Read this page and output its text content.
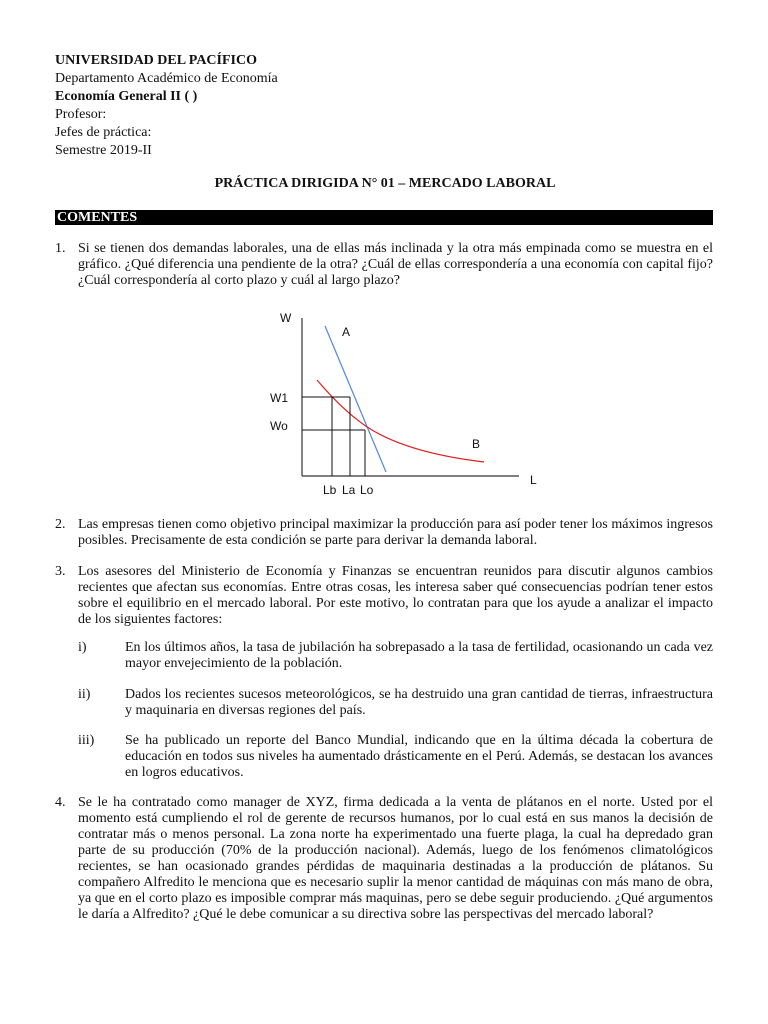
UNIVERSIDAD DEL PACÍFICO
Departamento Académico de Economía
Economía General II ( )
Profesor:
Jefes de práctica:
Semestre 2019-II
PRÁCTICA DIRIGIDA N° 01 – MERCADO LABORAL
COMENTES
1. Si se tienen dos demandas laborales, una de ellas más inclinada y la otra más empinada como se muestra en el gráfico. ¿Qué diferencia una pendiente de la otra? ¿Cuál de ellas correspondería a una economía con capital fijo? ¿Cuál correspondería al corto plazo y cuál al largo plazo?
W
L
A
B
W1
Wo
Lb La Lo
2. Las empresas tienen como objetivo principal maximizar la producción para así poder tener los máximos ingresos posibles. Precisamente de esta condición se parte para derivar la demanda laboral.
3. Los asesores del Ministerio de Economía y Finanzas se encuentran reunidos para discutir algunos cambios recientes que afectan sus economías. Entre otras cosas, les interesa saber qué consecuencias podrían tener estos sobre el equilibrio en el mercado laboral. Por este motivo, lo contratan para que los ayude a analizar el impacto de los siguientes factores:
i)	En los últimos años, la tasa de jubilación ha sobrepasado a la tasa de fertilidad, ocasionando un cada vez mayor envejecimiento de la población.
ii) Dados los recientes sucesos meteorológicos, se ha destruido una gran cantidad de tierras, infraestructura y maquinaria en diversas regiones del país.
iii) Se ha publicado un reporte del Banco Mundial, indicando que en la última década la cobertura de educación en todos sus niveles ha aumentado drásticamente en el Perú. Además, se destacan los avances en logros educativos.
4. Se le ha contratado como manager de XYZ, firma dedicada a la venta de plátanos en el norte. Usted por el momento está cumpliendo el rol de gerente de recursos humanos, por lo cual está en sus manos la decisión de contratar más o menos personal. La zona norte ha experimentado una fuerte plaga, la cual ha depredado gran parte de su producción (70% de la producción nacional). Además, luego de los fenómenos climatológicos recientes, se han ocasionado grandes pérdidas de maquinaria destinadas a la producción de plátanos. Su compañero Alfredito le menciona que es necesario suplir la menor cantidad de máquinas con más mano de obra, ya que en el corto plazo es imposible comprar más maquinas, pero se debe seguir produciendo. ¿Qué argumentos le daría a Alfredito? ¿Qué le debe comunicar a su directiva sobre las perspectivas del mercado laboral?
